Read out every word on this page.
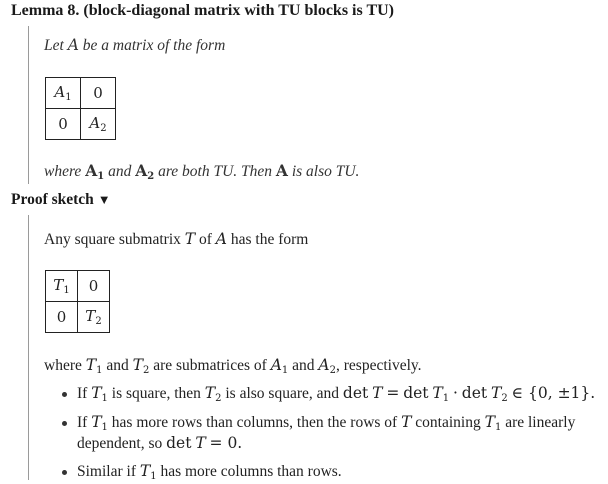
Lemma 8. (block-diagonal matrix with TU blocks is TU)
Let A be a matrix of the form
$A_1$	0
0	$A_2$
where $A_1$ and $A_2$ are both TU. Then A is also TU.
Proof sketch ▼
Any square submatrix T of A has the form
$T_1$	0
0	$T_2$
where $T_1$ and $T_2$ are submatrices of $A_1$ and $A_2$, respectively.
If $T_1$ is square, then $T_2$ is also square, and $\det T = \det T_1 \cdot \det T_2$ ∈ {0, ±1}.
If $T_1$ has more rows than columns, then the rows of T containing $T_1$ are linearly
dependent, so det T = 0.
Similar if $T_1$ has more columns than rows.
